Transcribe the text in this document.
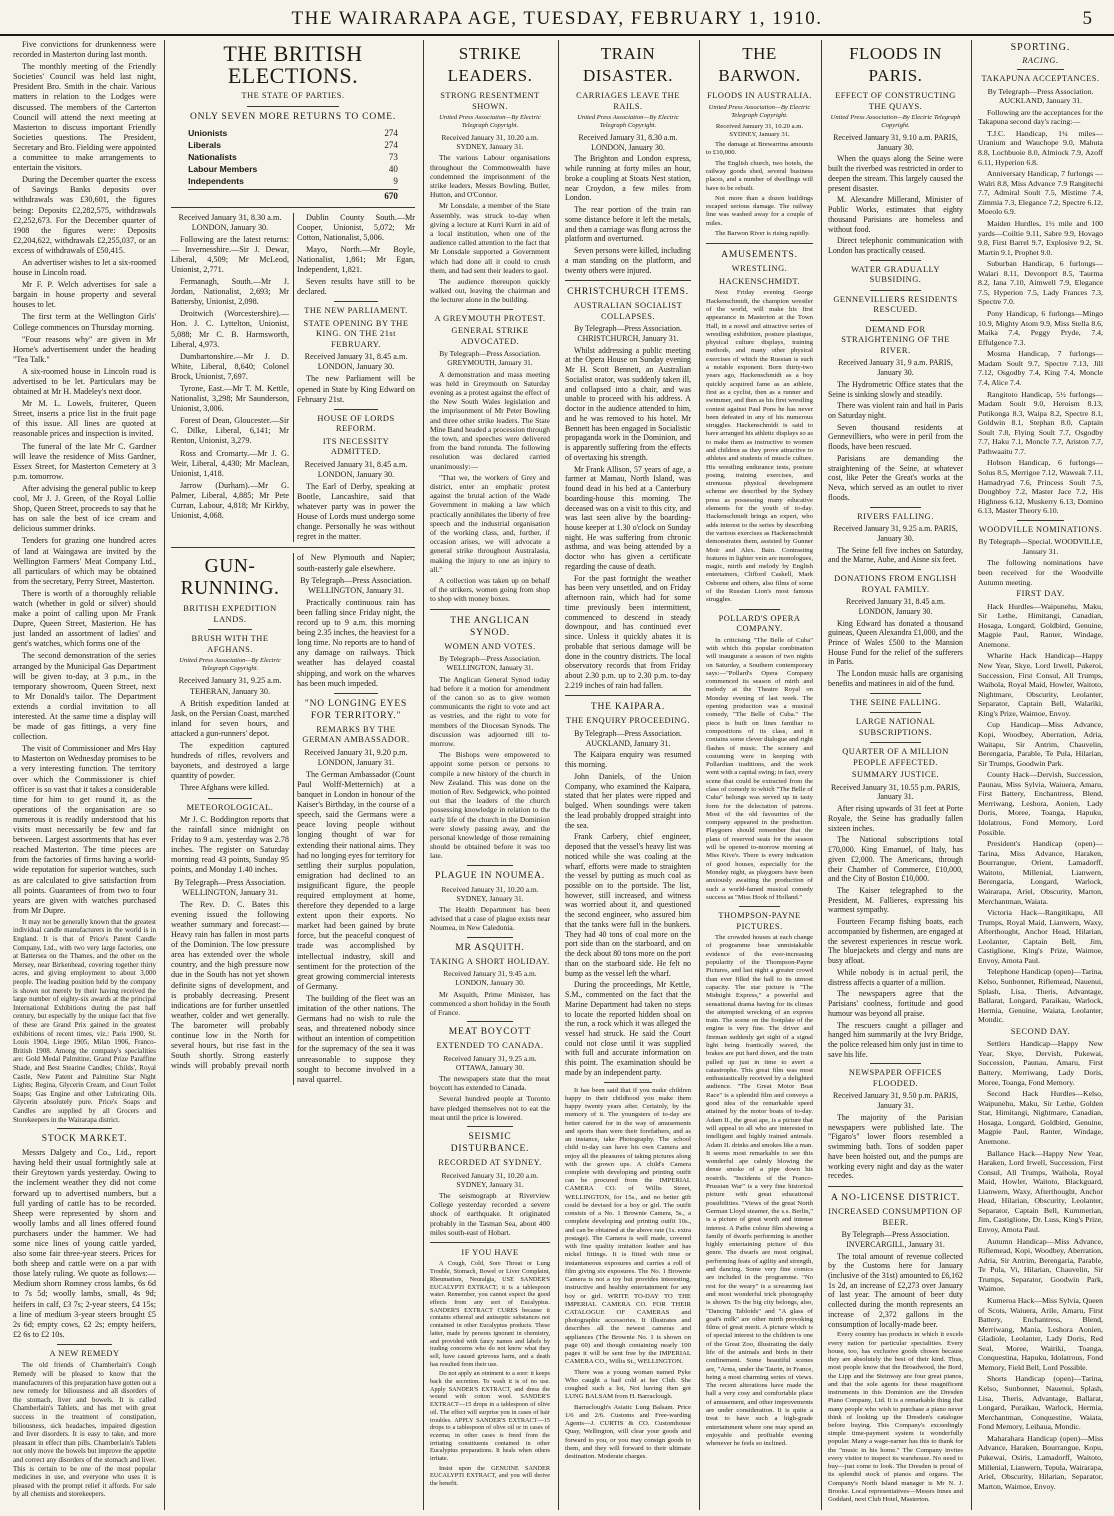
THE WAIRARAPA AGE, TUESDAY, FEBRUARY 1, 1910.	5

Five convictions for drunkenness were recorded in Masterton during last month.

The monthly meeting of the Friendly Societies' Council was held last night, President Bro. Smith in the chair. Various matters in relation to the Lodges were discussed. The members of the Carterton Council will attend the next meeting at Masterton to discuss important Friendly Societies questions. The President, Secretary and Bro. Fielding were appointed a committee to make arrangements to entertain the visitors.

During the December quarter the excess of Savings Banks deposits over withdrawals was £30,601, the figures being: Deposits £2,282,575, withdrawals £2,252,673. For the December quarter of 1908 the figures were: Deposits £2,204,622, withdrawals £2,255,037, or an excess of withdrawals of £50,415.

An advertiser wishes to let a six-roomed house in Lincoln road.

Mr F. P. Welch advertises for sale a bargain in house property and several houses to let.

The first term at the Wellington Girls' College commences on Thursday morning.

"Four reasons why" are given in Mr Horne's advertisement under the heading "Tea Talk."

A six-roomed house in Lincoln road is advertised to be let. Particulars may be obtained at Mr H. Madeley's next door.

Mr M. L. Lowels, fruiterer, Queen Street, inserts a price list in the fruit page of this issue. All lines are quoted at reasonable prices and inspection is invited.

The funeral of the late Mr C. Gardner will leave the residence of Miss Gardner, Essex Street, for Masterton Cemetery at 3 p.m. tomorrow.

After advising the general public to keep cool, Mr J. J. Green, of the Royal Lollie Shop, Queen Street, proceeds to say that he has on sale the best of ice cream and delicious summer drinks.

Tenders for grazing one hundred acres of land at Waingawa are invited by the Wellington Farmers' Meat Company Ltd., all particulars of which may be obtained from the secretary, Perry Street, Masterton.

There is worth of a thoroughly reliable watch (whether in gold or silver) should make a point of calling upon Mr Frank Dupre, Queen Street, Masterton. He has just landed an assortment of ladies' and gent's watches, which forms one of the

The second demonstration of the series arranged by the Municipal Gas Department will be given to-day, at 3 p.m., in the temporary showroom, Queen Street, next to Mr Donald's tailor. The Department extends a cordial invitation to all interested. At the same time a display will be made of gas fittings, a very fine collection.

The visit of Commissioner and Mrs Hay to Masterton on Wednesday promises to be a very interesting function. The territory over which the Commissioner is chief officer is so vast that it takes a considerable time for him to get round it, as the operations of the organisation are so numerous it is readily understood that his visits must necessarily be few and far between. Largest assortments that has ever reached Masterton. The time pieces are from the factories of firms having a world-wide reputation for superior watches, such as are calculated to give satisfaction from all points. Guarantees of from two to four years are given with watches purchased from Mr Dupre.

It may not be generally known that the greatest individual candle manufacturers in the world is in England. It is that of Price's Patent Candle Company, Ltd., with two very large factories, one at Battersea on the Thames, and the other on the Mersey, near Birkenhead, covering together thirty acres, and giving employment to about 3,000 people. The leading position held by the company is shown not merely by their having received the large number of eighty-six awards at the principal International Exhibitions during the past half century, but especially by the unique fact that five of these are Grand Prix gained in the greatest exhibitions of recent times, viz.: Paris 1900, St. Louis 1904, Liege 1905, Milan 1906, Franco-British 1908. Among the company's specialities are: Gold Medal Palmitine, Grand Prize Paraffine Shade, and Best Stearine Candles; Childs', Royal Castle, New Patent and Palmitine Star Night Lights; Regina, Glycerin Cream, and Court Toilet Soaps; Gas Engine and other Lubricating Oils. Glycerin absolutely pure. Price's Soaps and Candles are supplied by all Grocers and Storekeepers in the Wairarapa district.

STOCK MARKET.

Messrs Dalgety and Co., Ltd., report having held their usual fortnightly sale at their Greytown yards yesterday. Owing to the inclement weather they did not come forward up to advertised numbers, but a full yarding of cattle has to be recorded. Sheep were represented by shorn and woolly lambs and all lines offered found purchasers under the hammer. We had some nice lines of young cattle yarded, also some fair three-year steers. Prices for both sheep and cattle were on a par with those lately ruling. We quote as follows:—Medium shorn Romney cross lambs, 6s 6d to 7s 5d; woolly lambs, small, 4s 9d; heifers in calf, £3 7s; 2-year steers, £4 15s; a line of medium 3-year steers brought £5 2s 6d; empty cows, £2 2s; empty heifers, £2 6s to £2 10s.

A NEW REMEDY

The old friends of Chamberlain's Cough Remedy will be pleased to know that the manufacturers of this preparation have gotten out a new remedy for biliousness and all disorders of the stomach, liver and bowels. It is called Chamberlain's Tablets, and has met with great success in the treatment of constipation, biliousness, sick headaches, impaired digestion and liver disorders. It is easy to take, and more pleasant in effect than pills. Chamberlain's Tablets not only move the bowels but improve the appetite and correct any disorders of the stomach and liver. This is certain to be one of the most popular medicines in use, and everyone who uses it is pleased with the prompt relief it affords. For sale by all chemists and storekeepers.

THE BRITISH ELECTIONS.
THE STATE OF PARTIES.
ONLY SEVEN MORE RETURNS TO COME.
Unionists	274
Liberals	274
Nationalists	73
Labour Members	40
Independents	9
670

Received January 31, 8.30 a.m. LONDON, January 30.

Following are the latest returns:— Invernesshire.—Sir J. Dewar, Liberal, 4,509; Mr McLeod, Unionist, 2,771.

Fermanagh, South.—Mr J. Jordan, Nationalist, 2,693; Mr Battersby, Unionist, 2,098.

Droitwich (Worcestershire).—Hon. J. C. Lyttelton, Unionist, 5,088; Mr C. B. Harmsworth, Liberal, 4,973.

Dumbartonshire.—Mr J. D. White, Liberal, 8,640; Colonel Brock, Unionist, 7,697.

Tyrone, East.—Mr T. M. Kettle, Nationalist, 3,298; Mr Saunderson, Unionist, 3,006.

Forest of Dean, Gloucester.—Sir C. Dilke, Liberal, 6,141; Mr Renton, Unionist, 3,279.

Ross and Cromarty.—Mr J. G. Weir, Liberal, 4,430; Mr Maclean, Unionist, 1,418.

Jarrow (Durham).—Mr G. Palmer, Liberal, 4,885; Mr Pete Curran, Labour, 4,818; Mr Kirkby, Unionist, 4,068.

Dublin County South.—Mr Cooper, Unionist, 5,072; Mr Cotton, Nationalist, 5,006.

Mayo, North.—Mr Boyle, Nationalist, 1,861; Mr Egan, Independent, 1,821.

Seven results have still to be declared.

THE NEW PARLIAMENT.
STATE OPENING BY THE KING. ON THE 21st FEBRUARY.

Received January 31, 8.45 a.m. LONDON, January 30.

The new Parliament will be opened in State by King Edward on February 21st.

HOUSE OF LORDS REFORM.
ITS NECESSITY ADMITTED.

Received January 31, 8.45 a.m. LONDON, January 30.

The Earl of Derby, speaking at Bootle, Lancashire, said that whatever party was in power the House of Lords must undergo some change. Personally he was without regret in the matter.

GUN-RUNNING.
BRITISH EXPEDITION LANDS.
BRUSH WITH THE AFGHANS.
United Press Association—By Electric Telegraph Copyright.

Received January 31, 9.25 a.m. TEHERAN, January 30.

A British expedition landed at Jask, on the Persian Coast, marched inland for seven hours, and attacked a gun-runners' depot.

The expedition captured hundreds of rifles, revolvers and bayonets, and destroyed a large quantity of powder.

Three Afghans were killed.

METEOROLOGICAL.

Mr J. C. Boddington reports that the rainfall since midnight on Friday to 9 a.m. yesterday was 2.78 inches. The register on Saturday morning read 43 points, Sunday 95 points, and Monday 1.40 inches.

By Telegraph—Press Association. WELLINGTON, January 31.

The Rev. D. C. Bates this evening issued the following weather summary and forecast:—Heavy rain has fallen in most parts of the Dominion. The low pressure area has extended over the whole country, and the high pressure now due in the South has not yet shown definite signs of development, and is probably decreasing. Present indications are for further unsettled weather, colder and wet generally. The barometer will probably continue low in the North for several hours, but rise fast in the South shortly. Strong easterly winds will probably prevail north of New Plymouth and Napier; south-easterly gale elsewhere.

By Telegraph—Press Association. WELLINGTON, January 31.

Practically continuous rain has been falling since Friday night, the record up to 9 a.m. this morning being 2.35 inches, the heaviest for a long time. No reports are to hand of any damage on railways. Thick weather has delayed coastal shipping, and work on the wharves has been much impeded.

"NO LONGING EYES FOR TERRITORY."
REMARKS BY THE GERMAN AMBASSADOR.

Received January 31, 9.20 p.m. LONDON, January 31.

The German Ambassador (Count Paul Wolff-Metternich) at a banquet in London in honour of the Kaiser's Birthday, in the course of a speech, said the Germans were a peace loving people without longing thought of war for extending their national aims. They had no longing eyes for territory for settling their surplus population, emigration had declined to an insignificant figure, the people required employment at home, therefore they depended to a large extent upon their exports. No market had been gained by brute force, but the peaceful conquest of trade was accomplished by intellectual industry, skill and sentiment for the protection of the great growing commercial interests of Germany.

The building of the fleet was an imitation of the other nations. The Germans had no wish to rule the seas, and threatened nobody since without an intention of competition for the supremacy of the sea it was unreasonable to suppose they sought to become involved in a naval quarrel.

STRIKE LEADERS.
STRONG RESENTMENT SHOWN.
United Press Association—By Electric Telegraph Copyright.

Received January 31, 10.20 a.m. SYDNEY, January 31.

The various Labour organisations throughout the Commonwealth have condemned the imprisonment of the strike leaders, Messrs Bowling, Butler, Hutton, and O'Connor.

Mr Lonsdale, a member of the State Assembly, was struck to-day when giving a lecture at Kurri Kurri in aid of a local institution, when one of the audience called attention to the fact that Mr Lonsdale supported a Government which had done all it could to crush them, and had sent their leaders to gaol.

The audience thereupon quickly walked out, leaving the chairman and the lecturer alone in the building.

A GREYMOUTH PROTEST.
GENERAL STRIKE ADVOCATED.

By Telegraph—Press Association. GREYMOUTH, January 31.

A demonstration and mass meeting was held in Greymouth on Saturday evening as a protest against the effect of the New South Wales legislation and the imprisonment of Mr Peter Bowling and three other strike leaders. The State Mine Band headed a procession through the town, and speeches were delivered from the band rotunda. The following resolution was declared carried unanimously:—

"That we, the workers of Grey and district, enter an emphatic protest against the brutal action of the Wade Government in making a law which practically annihilates the liberty of free speech and the industrial organisation of the working class, and, further, if occasion arises, we will advocate a general strike throughout Australasia, making the injury to one an injury to all."

A collection was taken up on behalf of the strikers, women going from shop to shop with money boxes.

THE ANGLICAN SYNOD.
WOMEN AND VOTES.

By Telegraph—Press Association. WELLINGTON, January 31.

The Anglican General Synod today had before it a motion for amendment of the canon so as to give women communicants the right to vote and act as vestries, and the right to vote for members of the Diocesan Synods. The discussion was adjourned till to-morrow.

The Bishops were empowered to appoint some person or persons to compile a new history of the church in New Zealand. This was done on the motion of Rev. Sedgewick, who pointed out that the leaders of the church possessing knowledge in relation to the early life of the church in the Dominion were slowly passing away, and the personal knowledge of those remaining should be obtained before it was too late.

PLAGUE IN NOUMEA.

Received January 31, 10.20 a.m. SYDNEY, January 31.

The Health Department has been advised that a case of plague exists near Noumea, in New Caledonia.

MR ASQUITH.
TAKING A SHORT HOLIDAY.

Received January 31, 9.45 a.m. LONDON, January 30.

Mr Asquith, Prime Minister, has commenced a short holiday in the South of France.

MEAT BOYCOTT
EXTENDED TO CANADA.

Received January 31, 9.25 a.m. OTTAWA, January 30.

The newspapers state that the meat boycott has extended to Canada.

Several hundred people at Toronto have pledged themselves not to eat the meat until the price is lowered.

SEISMIC DISTURBANCE.
RECORDED AT SYDNEY.

Received January 31, 10.20 a.m. SYDNEY, January 31.

The seismograph at Riverview College yesterday recorded a severe shock of earthquake. It originated probably in the Tasman Sea, about 400 miles south-east of Hobart.

IF YOU HAVE

A Cough, Cold, Sore Throat or Lung Trouble, Stomach, Bowel or Liver Complaint, Rheumatism, Neuralgia, USE SANDER'S EUCALYPTI EXTRACT; it is a tablespoon water. Remember, you cannot expect the good effects from any sort of Eucalyptus. SANDER'S EXTRACT CURES because it contains ethereal and antiseptic substances not contained in other Eucalyptus products. These latter, made by persons ignorant in chemistry, and provided with fancy names and labels by trading concerns who do not know what they sell, have caused grievous harm, and a death has resulted from their use.

Do not apply an ointment to a sore: it keeps back the secretion. To wash it is of no use. Apply SANDER'S EXTRACT, and dress the wound with cotton wool. SANDER'S EXTRACT—15 drops in a tablespoon of olive oil. The effect will surprise you in cases of hair troubles. APPLY SANDER'S EXTRACT—15 drops to a tablespoon of olive oil or in cases of eczema; in other cases is freed from the irritating constituents contained in other Eucalyptus preparations. It heals when others irritate.

Insist upon the GENUINE SANDER EUCALYPTI EXTRACT, and you will derive the benefit.

TRAIN DISASTER.
CARRIAGES LEAVE THE RAILS.
United Press Association—By Electric Telegraph Copyright.

Received January 31, 8.30 a.m. LONDON, January 30.

The Brighton and London express, while running at forty miles an hour, broke a coupling at Stoats Nest station, near Croydon, a few miles from London.

The rear portion of the train ran some distance before it left the metals, and then a carriage was flung across the platform and overturned.

Seven persons were killed, including a man standing on the platform, and twenty others were injured.

CHRISTCHURCH ITEMS.
AUSTRALIAN SOCIALIST COLLAPSES.

By Telegraph—Press Association. CHRISTCHURCH, January 31.

Whilst addressing a public meeting at the Opera House on Sunday evening Mr H. Scott Bennett, an Australian Socialist orator, was suddenly taken ill, and collapsed into a chair, and was unable to proceed with his address. A doctor in the audience attended to him, and he was removed to his hotel. Mr Bennett has been engaged in Socialistic propaganda work in the Dominion, and is apparently suffering from the effects of overtaxing his strength.

Mr Frank Allison, 57 years of age, a farmer at Mamau, North Island, was found dead in his bed at a Canterbury boarding-house this morning. The deceased was on a visit to this city, and was last seen alive by the boarding-house keeper at 1.30 o'clock on Sunday night. He was suffering from chronic asthma, and was being attended by a doctor who has given a certificate regarding the cause of death.

For the past fortnight the weather has been very unsettled, and on Friday afternoon rain, which had for some time previously been intermittent, commenced to descend in steady downpour, and has continued ever since. Unless it quickly abates it is probable that serious damage will be done in the country districts. The local observatory records that from Friday about 2.30 p.m. up to 2.30 p.m. to-day 2.219 inches of rain had fallen.

THE KAIPARA.
THE ENQUIRY PROCEEDING.

By Telegraph—Press Association. AUCKLAND, January 31.

The Kaipara enquiry was resumed this morning.

John Daniels, of the Union Company, who examined the Kaipara, stated that her plates were ripped and bulged. When soundings were taken the lead probably dropped straight into the sea.

Frank Carbery, chief engineer, deposed that the vessel's heavy list was noticed while she was coaling at the wharf, efforts were made to straighten the vessel by putting as much coal as possible on to the portside. The list, however, still increased, and witness was worried about it, and questioned the second engineer, who assured him that the tanks were full in the bunkers. They had 40 tons of coal more on the port side than on the starboard, and on the deck about 80 tons more on the port than on the starboard side. He felt no bump as the vessel left the wharf.

During the proceedings, Mr Kettle, S.M., commented on the fact that the Marine Department had taken no steps to locate the reported hidden shoal on the run, a rock which it was alleged the vessel had struck. He said the Court could not close until it was supplied with full and accurate information on this point. The examination should be made by an independent party.

It has been said that if you make children happy in their childhood you make them happy twenty years after. Certainly, by the memory of it. The youngsters of to-day are better catered for in the way of amusements and sports than were their forefathers, and as an instance, take Photography. The school child to-day can have his own Camera and enjoy all the pleasures of taking pictures along with the grown ups. A child's Camera complete with developing and printing outfit can be procured from the IMPERIAL CAMERA CO. of Willis Street, WELLINGTON, for 15s., and no better gift could be devised for a boy or girl. The outfit consists of a No. 1 Brownie Camera, 5s., a complete developing and printing outfit 10s., and can be obtained at the above rate (1s. extra postage). The Camera is well made, covered with fine quality imitation leather and has nickel fittings. It is fitted with time or instantaneous exposures and carries a roll of film giving six exposures. The No. 1 Brownie Camera is not a toy but provides interesting, instructive and healthy entertainment for any boy or girl. WRITE TO-DAY TO THE IMPERIAL CAMERA CO. FOR THEIR CATALOGUE OF CAMERAS and photographic accessories. It illustrates and describes all the newest cameras and appliances (The Brownie No. 1 is shown on page 60) and though containing nearly 100 pages it will be sent free by the IMPERIAL CAMERA CO., Willis St., WELLINGTON.

There was a young woman named Pyke Who caught a bad cold at her Club. She coughed such a lot, Not having then got LUNG BALSAM from H. Barraclough.

Barraclough's Asiatic Lung Balsam. Price 1/6 and 2/6. Customs and Free-warding Agents—J. CURTIS & CO. Customhouse Quay, Wellington, will clear your goods and forward to you, or you may consign goods to them, and they will forward to their ultimate destination. Moderate charges.

THE BARWON.
FLOODS IN AUSTRALIA.
United Press Association—By Electric Telegraph Copyright.

Received January 31, 10.20 a.m. SYDNEY, January 31.

The damage at Brewarrina amounts to £10,000.

The English church, two hotels, the railway goods shed, several business places, and a number of dwellings will have to be rebuilt.

Not more than a dozen buildings escaped serious damage. The railway line was washed away for a couple of miles.

The Barwon River is rising rapidly.

AMUSEMENTS.
WRESTLING.
HACKENSCHMIDT.

Next Friday evening George Hackenschmidt, the champion wrestler of the world, will make his first appearance in Masterton at the Town Hall, in a novel and attractive series of wrestling exhibition, posture plastique, physical culture displays, training methods, and many other physical exercises of which the Russian is such a notable exponent. Born thirty-two years ago, Hackenschmidt as a boy quickly acquired fame as an athlete, first as a cyclist, then as a runner and swimmer, and then as his first wrestling contest against Paul Pons he has never been defeated in any of his numerous struggles. Hackenschmidt is said to have arranged his athletic displays so as to make them as instructive to women and children as they prove attractive to athletes and students of muscle culture. His wrestling endurance tests, posture posing, training exercises, and strenuous physical development scheme are described by the Sydney press as possessing many educative elements for the youth of to-day. Hackenschmidt brings an expert, who adds interest to the series by describing the various exercises as Hackenschmidt demonstrates them, assisted by Gunner Moir and Alex. Bain. Contrasting features in lighter vein are monologues, magic, mirth and melody by English entertainers, Clifford Caskell, Mark Osborne and others, also films of some of the Russian Lion's most famous struggles.

POLLARD'S OPERA COMPANY.

In criticising "The Belle of Cuba" with which this popular combination will inaugurate a season of two nights on Saturday, a Southern contemporary says:—"Pollard's Opera Company commenced its season of mirth and melody at the Theatre Royal on Monday evening of last week. The opening production was a musical comedy, "The Belle of Cuba." The piece is built on lines familiar to compositions of its class, and it contains some clever dialogue and right flashes of music. The scenery and costuming were in keeping with Pollardian traditions, and the work went with a capital swing; in fact, every scene that could be extracted from the class of comedy to which "The Belle of Cuba" belongs was served up in tasty form for the delectation of patrons. Most of the old favourites of the company appeared in the production. Playgoers should remember that the plans of reserved seats for the season will be opened to-morrow morning at Miss Kive's. There is every indication of good houses, especially for the Monday night, as playgoers have been anxiously awaiting the production of such a world-famed musical comedy success as "Miss Hook of Holland."

THOMPSON-PAYNE PICTURES.

The crowded houses at each change of programme bear unmistakable evidence of the ever-increasing popularity of the Thompson-Payne Pictures, and last night a greater crowd than ever filled the hall to its utmost capacity. The star picture is "The Midnight Express," a powerful and sensational drama having for its climax the attempted wrecking of an express train. The scene on the footplate of the engine is very fine. The driver and fireman suddenly get sight of a signal light being frantically waved, the brakes are put hard down, and the train pulled up just in time to avert a catastrophe. This great film was most enthusiastically received by a delighted audience. "The Great Motor Boat Race" is a splendid film and conveys a good idea of the remarkable speed attained by the motor boats of to-day. Adam II., the great ape, is a picture that will appeal to all who are interested in intelligent and highly trained animals. Adam II. drinks and smokes like a man. It seems most remarkable to see this wonderful ape calmly blowing the dense smoke of a pipe down his nostrils. "Incidents of the Franco-Prussian War" is a very fine historical picture with great educational possibilities. "Views of the great North German Lloyd steamer, the s.s. Berlin," is a picture of great worth and intense interest. A Pathe colour film showing a family of dwarfs performing is another highly entertaining picture of this genre. The dwarfs are most original, performing feats of agility and strength, and dancing. Some very fine comics are included in the programme. "No rest for the weary" is a screaming fast and most wonderful trick photography is shown. To the big city belongs, also, "Dancing Tabloids" and "A glass of goat's milk" are other mirth provoking films of great merit. A picture which is of special interest to the children is one of the Great Zoo, illustrating the daily life of the animals and birds in their confinement. Some beautiful scenes are, "Arms, under the Taurin, in France, being a most charming series of views. The recent alterations have made the hall a very cosy and comfortable place of amusement, and other improvements are under consideration. It is quite a treat to have such a high-grade entertainment where one may spend an enjoyable and profitable evening whenever he feels so inclined.

FLOODS IN PARIS.
EFFECT OF CONSTRUCTING THE QUAYS.
United Press Association—By Electric Telegraph Copyright.

Received January 31, 9.10 a.m. PARIS, January 30.

When the quays along the Seine were built the riverbed was restricted in order to deepen the stream. This largely caused the present disaster.

M. Alexandre Millerand, Minister of Public Works, estimates that eighty thousand Parisians are homeless and without food.

Direct telephonic communication with London has practically ceased.

WATER GRADUALLY SUBSIDING.
GENNEVILLIERS RESIDENTS RESCUED.
DEMAND FOR STRAIGHTENING OF THE RIVER.

Received January 31, 9 a.m. PARIS, January 30.

The Hydrometric Office states that the Seine is sinking slowly and steadily.

There was violent rain and hail in Paris on Saturday night.

Seven thousand residents at Gennevilliers, who were in peril from the floods, have been rescued.

Parisians are demanding the straightening of the Seine, at whatever cost, like Peter the Great's works at the Neva, which served as an outlet to river floods.

RIVERS FALLING.

Received January 31, 9.25 a.m. PARIS, January 30.

The Seine fell five inches on Saturday, and the Marne, Aube, and Aisne six feet.

DONATIONS FROM ENGLISH ROYAL FAMILY.

Received January 31, 8.45 a.m. LONDON, January 30.

King Edward has donated a thousand guineas, Queen Alexandra £1,000, and the Prince of Wales £500 to the Mansion House Fund for the relief of the sufferers in Paris.

The London music halls are organising benefits and matinees in aid of the fund.

THE SEINE FALLING.
LARGE NATIONAL SUBSCRIPTIONS.
QUARTER OF A MILLION PEOPLE AFFECTED.
SUMMARY JUSTICE.

Received January 31, 10.55 p.m. PARIS, January 31.

After rising upwards of 31 feet at Porte Royale, the Seine has gradually fallen sixteen inches.

The National subscriptions total £70,000. King Emanuel, of Italy, has given £2,000. The Americans, through their Chamber of Commerce, £10,000, and the City of Boston £10,000.

The Kaiser telegraphed to the President, M. Fallieres, expressing his warmest sympathy.

Fourteen Fecamp fishing boats, each accompanied by fishermen, are engaged at the severest experiences in rescue work. The bluejackets and clergy and nuns are busy afloat.

While nobody is in actual peril, the distress affects a quarter of a million.

The newspapers agree that the Parisians' coolness, fortitude and good humour was beyond all praise.

The rescuers caught a pillager and hanged him summarily at the Ivry Bridge, the police released him only just in time to save his life.

NEWSPAPER OFFICES FLOODED.

Received January 31, 9.50 p.m. PARIS, January 31.

The majority of the Parisian newspapers were published late. The "Figaro's" lower floors resembled a swimming bath. Tons of sodden paper have been hoisted out, and the pumps are working every night and day as the water recedes.

A NO-LICENSE DISTRICT.
INCREASED CONSUMPTION OF BEER.

By Telegraph—Press Association. INVERCARGILL, January 31.

The total amount of revenue collected by the Customs here for January (inclusive of the 31st) amounted to £6,162 1s 2d, an increase of £2,273 over January of last year. The amount of beer duty collected during the month represents an increase of 2,372 gallons in the consumption of locally-made beer.

Every country has products in which it excels every nation for particular specialities. Every house, too, has exclusive goods chosen because they are absolutely the best of their kind. Thus, most people know that the Broadwood, the Bord, the Lipp and the Steinway are four great pianos, and that the sole agents for these magnificent instruments in this Dominion are the Dresden Piano Company, Ltd. It is a remarkable thing that many people who wish to purchase a piano never think of looking up the Dresden's catalogue before buying. This Company's exceedingly simple time-payment system is wonderfully popular. Many a wage-earner has this to thank for the "music in his home." The Company invites every visitor to inspect its warehouse. No need to buy—just come to look. The Dresden is proud of its splendid stock of pianos and organs. The Company's North Island manager is Mr N. J. Brooke. Local representatives—Messrs Innes and Goddard, next Club Hotel, Masterton.

SPORTING.
RACING.
TAKAPUNA ACCEPTANCES.

By Telegraph—Press Association. AUCKLAND, January 31.

Following are the acceptances for the Takapuna second day's racing:—

T.J.C. Handicap, 1¼ miles—Uranium and Wauchope 9.0, Mahuta 8.8, Lochbuoie 8.0, Almiock 7.9, Azoff 6.11, Hyperion 6.8.

Anniversary Handicap, 7 furlongs —Walri 8.8, Miss Advance 7.9 Rangitechi 7.7, Admiral Soult 7.5, Mistime 7.4, Zimmia 7.3, Elegance 7.2, Spectre 6.12, Moeolo 6.9.

Maiden Hurdles, 1½ mile and 100 yards—Coiltie 9.11, Sabre 9.9, Hovago 9.8, First Barrel 9.7, Explosive 9.2, St. Martin 9.1, Prophet 9.0.

Suburban Handicap, 6 furlongs—Walari 8.11, Devonport 8.5, Taurma 8.2, Iana 7.10, Aimwell 7.9, Elegance 7.5, Hyperion 7.5, Lady Frances 7.3, Spectre 7.0.

Pony Handicap, 6 furlongs—Mingo 10.9, Mighty Atom 9.9, Miss Stella 8.6, Maika 7.4, Peggy Pryde, 7.4, Effulgence 7.3.

Mosma Handicap, 7 furlongs—Madam Soult 9.7, Spectre 7.13, Jill 7.12, Osgodby 7.4, King 7.4, Moncle 7.4, Alice 7.4.

Rangitoto Handicap, 5½ furlongs—Madam Soult 9.0, Heroism 8.13, Putikonga 8.3, Waipa 8.2, Spectre 8.1, Goldwin 8.1, Stephan 8.0, Captain Soult 7.8, Flying Soult 7.7, Osgodby 7.7, Haku 7.1, Moncle 7.7, Ariston 7.7, Pathwaaitu 7.7.

Hobson Handicap, 6 furlongs—Solus 8.5, Merrigoe 7.12, Waweak 7.11, Hamadryad 7.6, Princess Soult 7.5, Doughboy 7.2, Master Jace 7.2, His Highness 6.12, Muskerry 6.13, Domino 6.13, Master Theory 6.10.

WOODVILLE NOMINATIONS.

By Telegraph—Special. WOODVILLE, January 31.

The following nominations have been received for the Woodville Autumn meeting.

FIRST DAY.

Hack Hurdles—Waipunehu, Maku, Sir Lethe, Himitangi, Canadian, Hosaga, Longard, Goldbird, Genuine, Magpie Paul, Ranter, Windage, Anemone.

Wharite Hack Handicap—Happy New Year, Skye, Lord Irwell, Pukeroi, Succession, First Consul, All Trumps, Waihola, Royal Maid, Howler, Waitoto, Nightmare, Obscurity, Leolanter, Separator, Captain Bell, Walariki, King's Prize, Waimoe, Envoy.

Cup Handicap—Miss Advance, Kopi, Woodbey, Aberration, Adria, Waitapu, Sir Antrim, Chauvelin, Berengaria, Parable, Te Pula, Hilarian, Sir Trumps, Goodwin Park.

County Hack—Dervish, Succession, Paunau, Miss Sylvia, Waiuera, Amaru, First Battery, Enchantress, Blend, Merriwang, Leshora, Aonien, Lady Doris, Moree, Toanga, Hapuku, Idolatrous, Fond Memory, Lord Possible.

President's Handicap (open)—Tarina, Miss Advance, Haraken, Bourrangue, Orient, Lamadorff, Waitoto, Millenial, Lianwern, Berengaria, Longard, Warlock, Wairarapa, Ariel, Obscurity, Marton, Merchantman, Waiata.

Victoria Hack—Rangitikapu, All Trumps, Royal Maid, Lianwern, Waxy, Afterthought, Anchor Head, Hilarian, Leolanter, Captain Bell, Jim, Castiglione, King's Prize, Waimoe, Envoy, Amota Paul.

Telephone Handicap (open)—Tarina, Kelso, Sunbonnet, Riflemead, Nauenui, Splash, Lisa, Theris, Advantage, Ballarat, Longard, Paraikau, Warlock, Hermia, Genuine, Waiata, Leolanter, Mondic.

SECOND DAY.

Settlers Handicap—Happy New Year, Skye, Dervish, Pukewai, Succession, Paunau, Amaru, First Battery, Merriwang, Lady Doris, Moree, Toanga, Fond Memory.

Second Hack Hurdles—Kelso, Waipunehu, Maku, Sir Lethe, Golden Star, Himitangi, Nightmare, Canadian, Hosaga, Longard, Goldbird, Genuine, Magpie Paul, Ranter, Windage, Anemone.

Ballance Hack—Happy New Year, Haraken, Lord Irwell, Succession, First Consul, All Trumps, Waihola, Royal Maid, Howler, Waitoto, Blackguard, Lianwern, Waxy, Afterthought, Anchor Head, Hilarian, Obscurity, Leolanter, Separator, Captain Bell, Kummerian, Jim, Castiglione, Dr. Luss, King's Prize, Envoy, Amota Paul.

Autumn Handicap—Miss Advance, Riflemead, Kopi, Woodbey, Aberration, Adria, Sir Antrim, Berengaria, Parable, Te Pula, Vi, Hilarian, Chauvelin, Sir Trumps, Separator, Goodwin Park, Waimoe.

Kumeroa Hack—Miss Sylvia, Queen of Scots, Waiuera, Arile, Amaru, First Battery, Enchantress, Blend, Merriwang, Mania, Leshora Aonien, Gladiole, Leolanter, Lady Doris, Red Seal, Moree, Wairiki, Toanga, Conquestina, Hapuku, Idolatrous, Fond Memory, Field Bell, Lord Possible.

Shorts Handicap (open)—Tarina, Kelso, Sunbonnet, Nauenui, Splash, Lisa, Theris, Advantage, Ballarat, Longard, Puraikau, Warlock, Hermia, Merchantman, Conquestine, Waiata, Fond Memory, Leihaua, Mondic.

Maharahara Handicap (open)—Miss Advance, Haraken, Bourrangue, Kopu, Pukewai, Osiris, Lamadorff, Waitoto, Millenial, Lianwern, Tepula, Wairarapa, Ariel, Obscurity, Hilarian, Separator, Marton, Waimoe, Envoy.
